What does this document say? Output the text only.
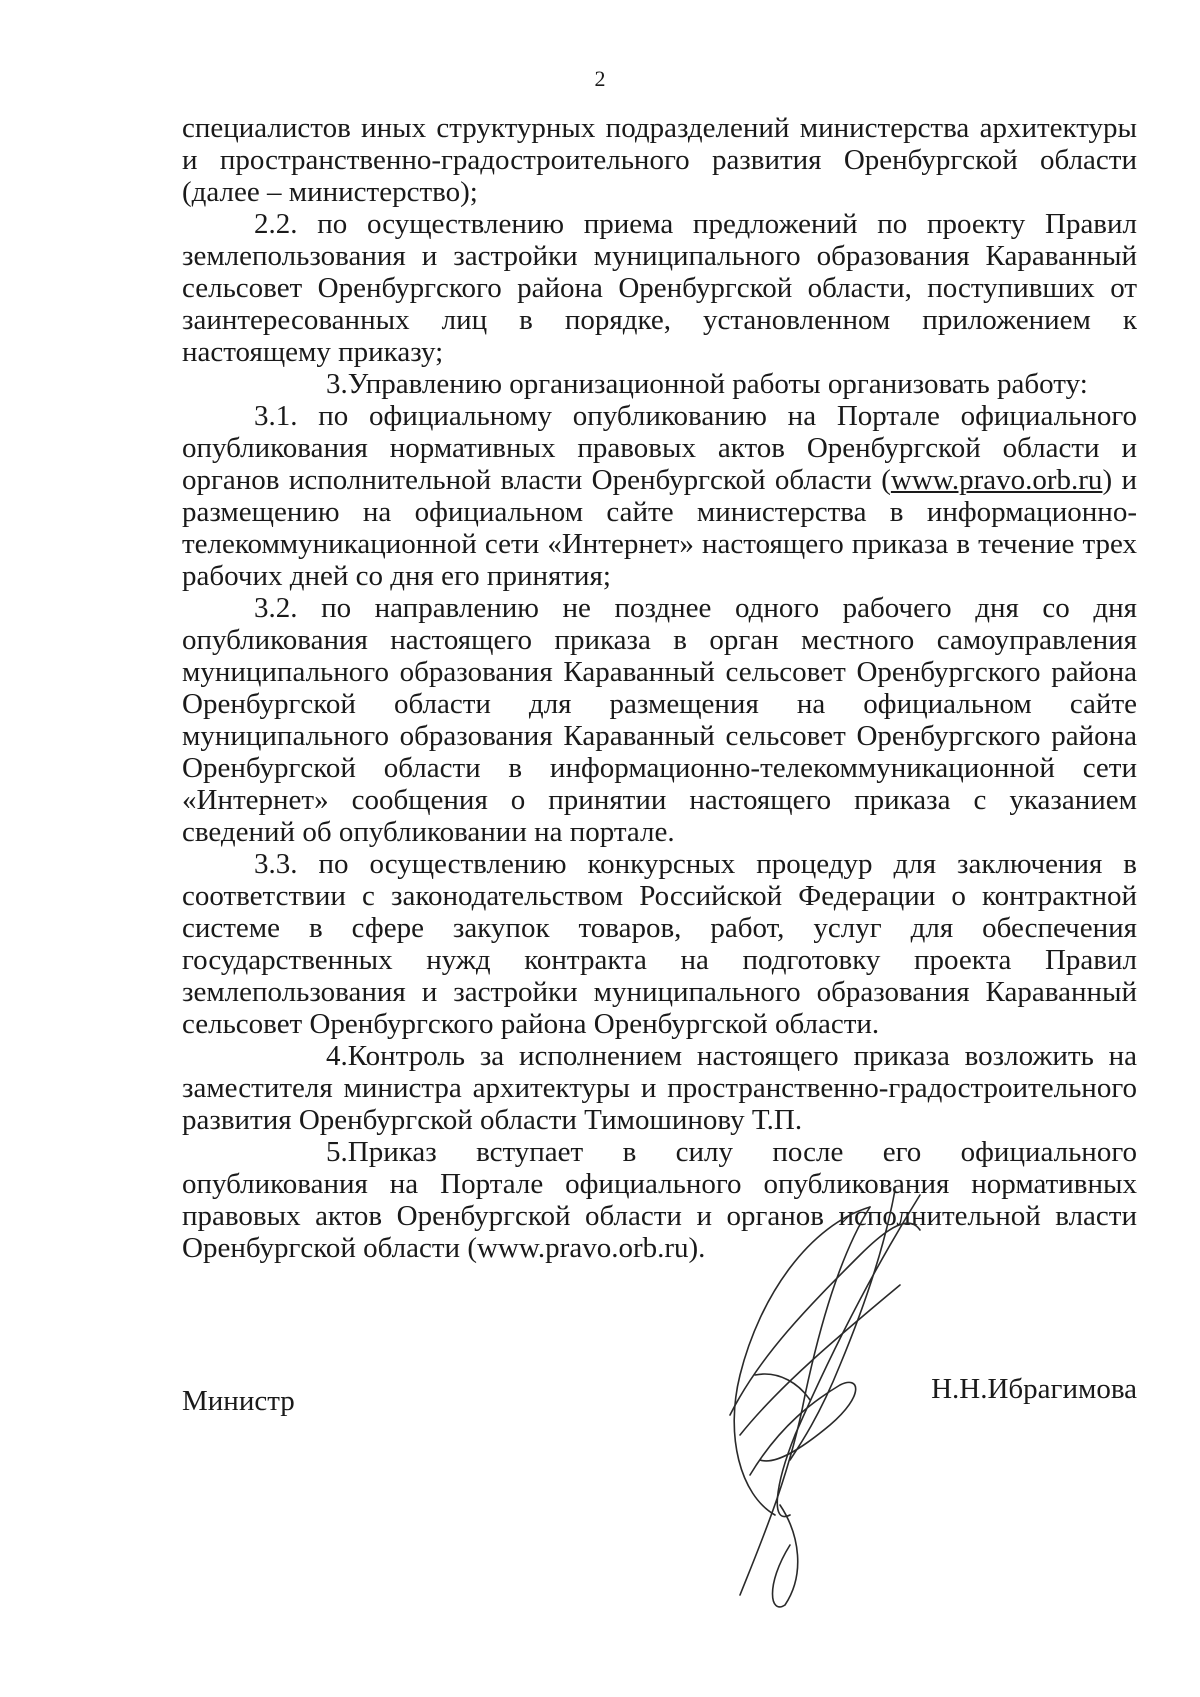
2

специалистов иных структурных подразделений министерства архитектуры и пространственно-градостроительного развития Оренбургской области (далее – министерство);

2.2. по осуществлению приема предложений по проекту Правил землепользования и застройки муниципального образования Караванный сельсовет Оренбургского района Оренбургской области, поступивших от заинтересованных лиц в порядке, установленном приложением к настоящему приказу;

3.Управлению организационной работы организовать работу:

3.1. по официальному опубликованию на Портале официального опубликования нормативных правовых актов Оренбургской области и органов исполнительной власти Оренбургской области (www.pravo.orb.ru) и размещению на официальном сайте министерства в информационно-телекоммуникационной сети «Интернет» настоящего приказа в течение трех рабочих дней со дня его принятия;

3.2. по направлению не позднее одного рабочего дня со дня опубликования настоящего приказа в орган местного самоуправления муниципального образования Караванный сельсовет Оренбургского района Оренбургской области для размещения на официальном сайте муниципального образования Караванный сельсовет Оренбургского района Оренбургской области в информационно-телекоммуникационной сети «Интернет» сообщения о принятии настоящего приказа с указанием сведений об опубликовании на портале.

3.3. по осуществлению конкурсных процедур для заключения в соответствии с законодательством Российской Федерации о контрактной системе в сфере закупок товаров, работ, услуг для обеспечения государственных нужд контракта на подготовку проекта Правил землепользования и застройки муниципального образования Караванный сельсовет Оренбургского района Оренбургской области.

4.Контроль за исполнением настоящего приказа возложить на заместителя министра архитектуры и пространственно-градостроительного развития Оренбургской области Тимошинову Т.П.

5.Приказ вступает в силу после его официального опубликования на Портале официального опубликования нормативных правовых актов Оренбургской области и органов исполнительной власти Оренбургской области (www.pravo.orb.ru).

Министр	Н.Н.Ибрагимова
